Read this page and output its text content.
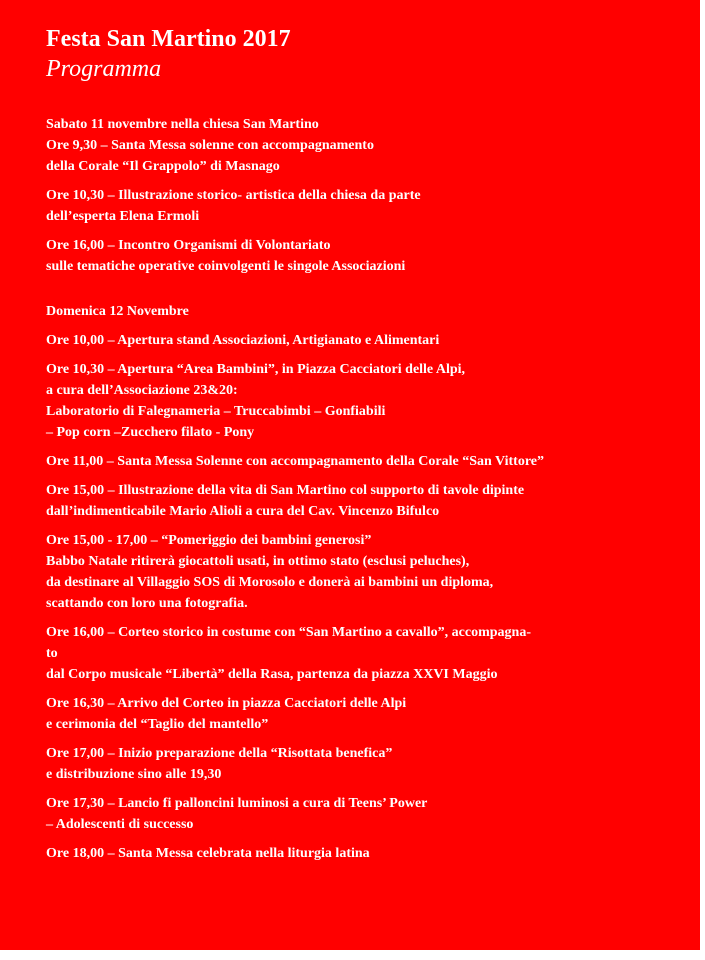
Festa San Martino 2017
Programma

Sabato 11 novembre nella chiesa San Martino

Ore 9,30 – Santa Messa solenne con accompagnamento
della Corale “Il Grappolo” di Masnago

Ore 10,30 – Illustrazione storico- artistica della chiesa da parte
dell’esperta Elena Ermoli

Ore 16,00 – Incontro Organismi di Volontariato
sulle tematiche operative coinvolgenti le singole Associazioni

Domenica 12 Novembre

Ore 10,00 – Apertura stand Associazioni, Artigianato e Alimentari

Ore 10,30 – Apertura “Area Bambini”, in Piazza Cacciatori delle Alpi,
a cura dell’Associazione 23&20:
Laboratorio di Falegnameria – Truccabimbi – Gonfiabili
– Pop corn –Zucchero filato - Pony

Ore 11,00 – Santa Messa Solenne con accompagnamento della Corale “San Vittore”

Ore 15,00 – Illustrazione della vita di San Martino col supporto di tavole dipinte
dall’indimenticabile Mario Alioli a cura del Cav. Vincenzo Bifulco

Ore 15,00 - 17,00 – “Pomeriggio dei bambini generosi”
Babbo Natale ritirerà giocattoli usati, in ottimo stato (esclusi peluches),
da destinare al Villaggio SOS di Morosolo e donerà ai bambini un diploma,
scattando con loro una fotografia.

Ore 16,00 – Corteo storico in costume con “San Martino a cavallo”, accompagna-
to
dal Corpo musicale “Libertà” della Rasa, partenza da piazza XXVI Maggio

Ore 16,30 – Arrivo del Corteo in piazza Cacciatori delle Alpi
e cerimonia del “Taglio del mantello”

Ore 17,00 – Inizio preparazione della “Risottata benefica”
e distribuzione sino alle 19,30

Ore 17,30 – Lancio fi palloncini luminosi a cura di Teens’ Power
– Adolescenti di successo

Ore 18,00 – Santa Messa celebrata nella liturgia latina
